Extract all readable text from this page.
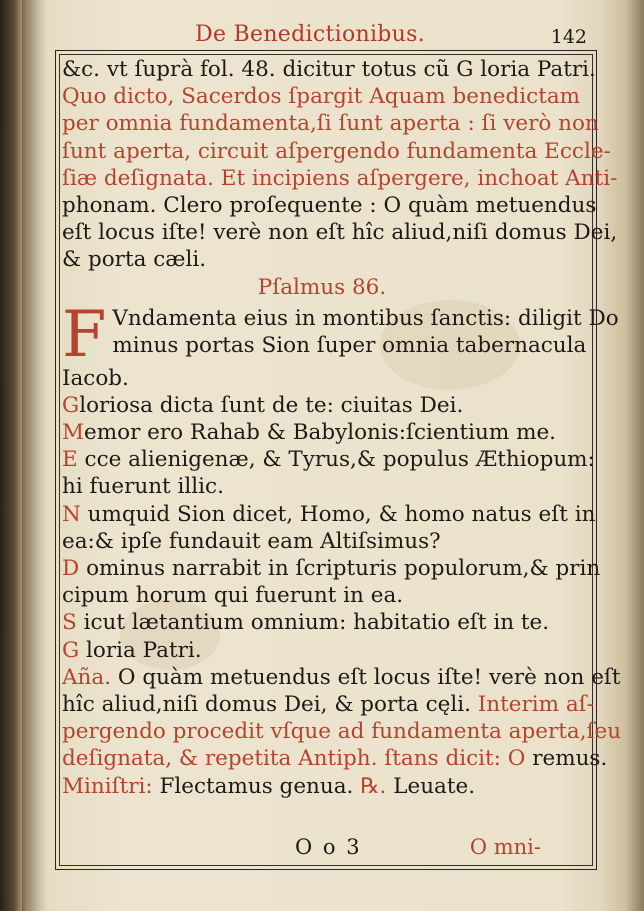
De Benedictionibus.	142
&c. vt ſuprà fol. 48. dicitur totus cũ G loria Patri.
Quo dicto, Sacerdos ſpargit Aquam benedictam
per omnia fundamenta,ſi ſunt aperta : ſi verò non
ſunt aperta, circuit aſpergendo fundamenta Eccle-
ſiæ deſignata. Et incipiens aſpergere, inchoat Anti-
phonam. Clero proſequente : O quàm metuendus
eſt locus iſte! verè non eſt hîc aliud,niſi domus Dei,
& porta cæli.
Pſalmus 86.
F Vndamenta eius in montibus ſanctis: diligit Do
minus portas Sion ſuper omnia tabernacula
Iacob.
Gloriosa dicta ſunt de te: ciuitas Dei.
Memor ero Rahab & Babylonis:ſcientium me.
E cce alienigenæ, & Tyrus,& populus Æthiopum:
hi fuerunt illic.
N umquid Sion dicet, Homo, & homo natus eſt in
ea:& ipſe fundauit eam Altiſsimus?
D ominus narrabit in ſcripturis populorum,& prin
cipum horum qui fuerunt in ea.
S icut lætantium omnium: habitatio eſt in te.
G loria Patri.
Aña. O quàm metuendus eſt locus iſte! verè non eſt
hîc aliud,niſi domus Dei, & porta cęli. Interim aſ-
pergendo procedit vſque ad fundamenta aperta,ſeu
deſignata, & repetita Antiph. ſtans dicit: O remus.
Miniſtri: Flectamus genua. ℞. Leuate.
O o 3	O mni-
